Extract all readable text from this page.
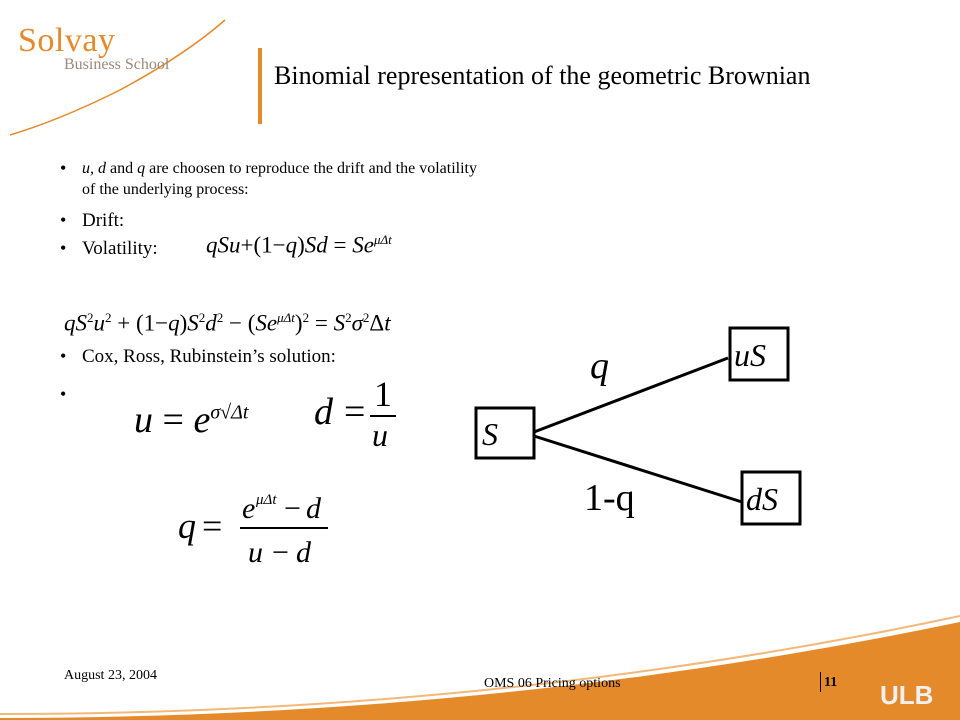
Solvay
Business School	Binomial representation of the geometric Brownian
• u, d and q are choosen to reproduce the drift and the volatility of the underlying process:
• Drift:
• Volatility:
• Cox, Ross, Rubinstein’s solution:
•
$qSu+(1-q)Sd = Se^{\mu\Delta t}$
$qS^2u^2 + (1-q)S^2d^2 - (Se^{\mu\Delta t})^2 = S^2\sigma^2\Delta t$
$u = e^{\sigma√\Delta t}$ d = 1
u
q = e μΔt − d
u − d
S
uS
dS
q
1-q
August 23, 2004
OMS 06 Pricing options	11 ULB
